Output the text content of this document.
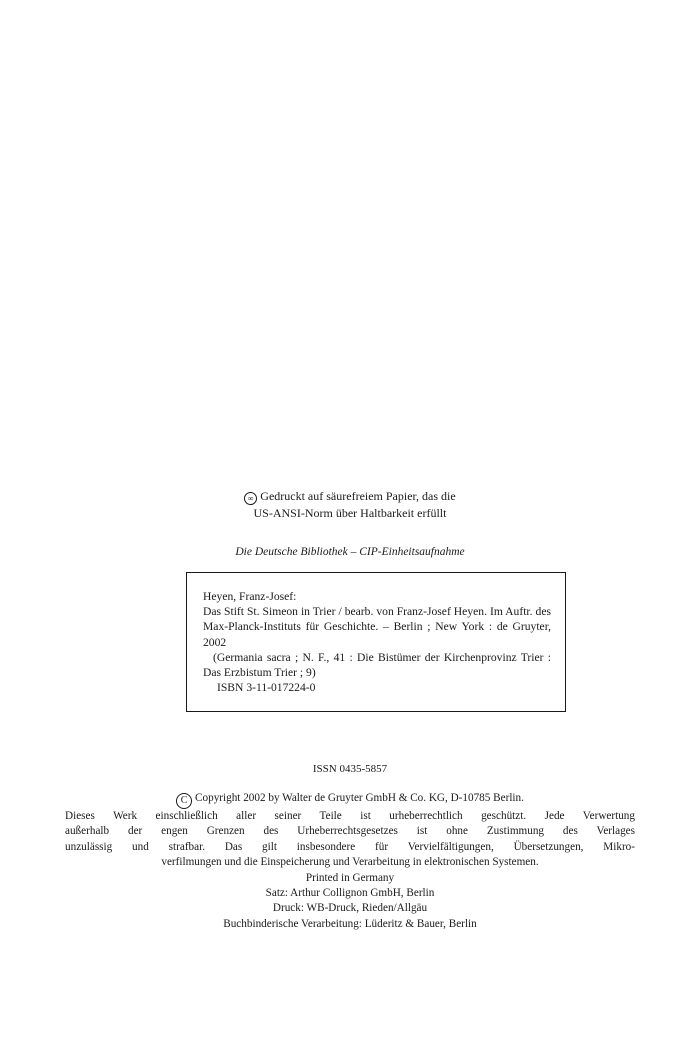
∞ Gedruckt auf säurefreiem Papier, das die
US-ANSI-Norm über Haltbarkeit erfüllt
Die Deutsche Bibliothek – CIP-Einheitsaufnahme
Heyen, Franz-Josef:
Das Stift St. Simeon in Trier / bearb. von Franz-Josef Heyen. Im Auftr. des Max-Planck-Instituts für Geschichte. – Berlin ; New York : de Gruyter, 2002
(Germania sacra ; N. F., 41 : Die Bistümer der Kirchenprovinz Trier : Das Erzbistum Trier ; 9)
ISBN 3-11-017224-0
ISSN 0435-5857
C Copyright 2002 by Walter de Gruyter GmbH & Co. KG, D-10785 Berlin.
Dieses Werk einschließlich aller seiner Teile ist urheberrechtlich geschützt. Jede Verwertung
außerhalb der engen Grenzen des Urheberrechtsgesetzes ist ohne Zustimmung des Verlages
unzulässig und strafbar. Das gilt insbesondere für Vervielfältigungen, Übersetzungen, Mikro-
verfilmungen und die Einspeicherung und Verarbeitung in elektronischen Systemen.
Printed in Germany
Satz: Arthur Collignon GmbH, Berlin
Druck: WB-Druck, Rieden/Allgäu
Buchbinderische Verarbeitung: Lüderitz & Bauer, Berlin
